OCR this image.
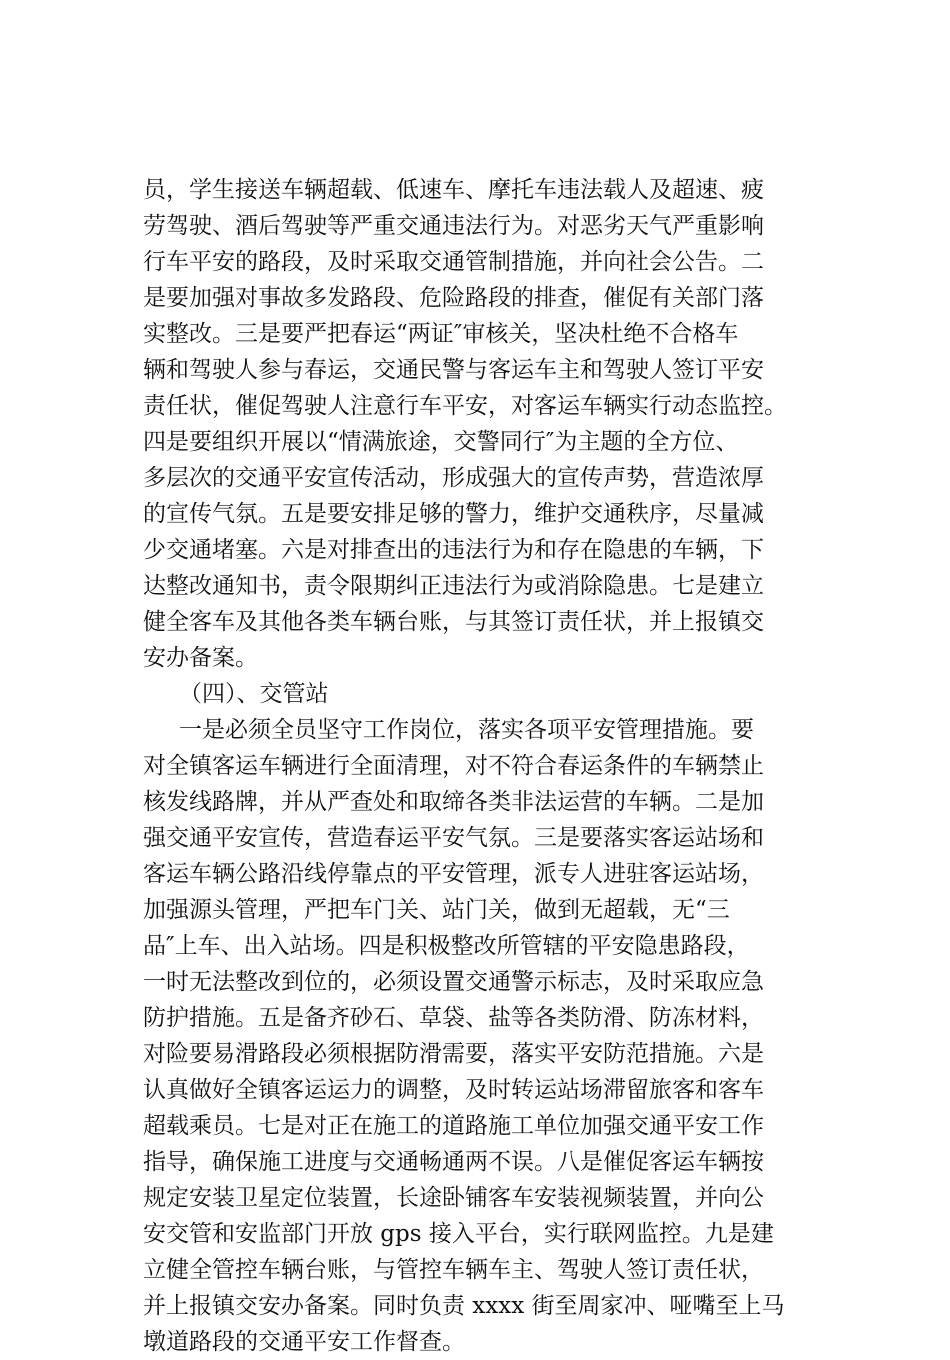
员，学生接送车辆超载、低速车、摩托车违法载人及超速、疲
劳驾驶、酒后驾驶等严重交通违法行为。对恶劣天气严重影响
行车平安的路段，及时采取交通管制措施，并向社会公告。二
是要加强对事故多发路段、危险路段的排查，催促有关部门落
实整改。三是要严把春运“两证″审核关，坚决杜绝不合格车
辆和驾驶人参与春运，交通民警与客运车主和驾驶人签订平安
责任状，催促驾驶人注意行车平安，对客运车辆实行动态监控。
四是要组织开展以“情满旅途，交警同行″为主题的全方位、
多层次的交通平安宣传活动，形成强大的宣传声势，营造浓厚
的宣传气氛。五是要安排足够的警力，维护交通秩序，尽量减
少交通堵塞。六是对排查出的违法行为和存在隐患的车辆，下
达整改通知书，责令限期纠正违法行为或消除隐患。七是建立
健全客车及其他各类车辆台账，与其签订责任状，并上报镇交
安办备案。
（四）、交管站
一是必须全员坚守工作岗位，落实各项平安管理措施。要
对全镇客运车辆进行全面清理，对不符合春运条件的车辆禁止
核发线路牌，并从严查处和取缔各类非法运营的车辆。二是加
强交通平安宣传，营造春运平安气氛。三是要落实客运站场和
客运车辆公路沿线停靠点的平安管理，派专人进驻客运站场，
加强源头管理，严把车门关、站门关，做到无超载，无“三
品″上车、出入站场。四是积极整改所管辖的平安隐患路段，
一时无法整改到位的，必须设置交通警示标志，及时采取应急
防护措施。五是备齐砂石、草袋、盐等各类防滑、防冻材料，
对险要易滑路段必须根据防滑需要，落实平安防范措施。六是
认真做好全镇客运运力的调整，及时转运站场滞留旅客和客车
超载乘员。七是对正在施工的道路施工单位加强交通平安工作
指导，确保施工进度与交通畅通两不误。八是催促客运车辆按
规定安装卫星定位装置，长途卧铺客车安装视频装置，并向公
安交管和安监部门开放 gps 接入平台，实行联网监控。九是建
立健全管控车辆台账，与管控车辆车主、驾驶人签订责任状，
并上报镇交安办备案。同时负责 xxxx 街至周家冲、哑嘴至上马
墩道路段的交通平安工作督查。
